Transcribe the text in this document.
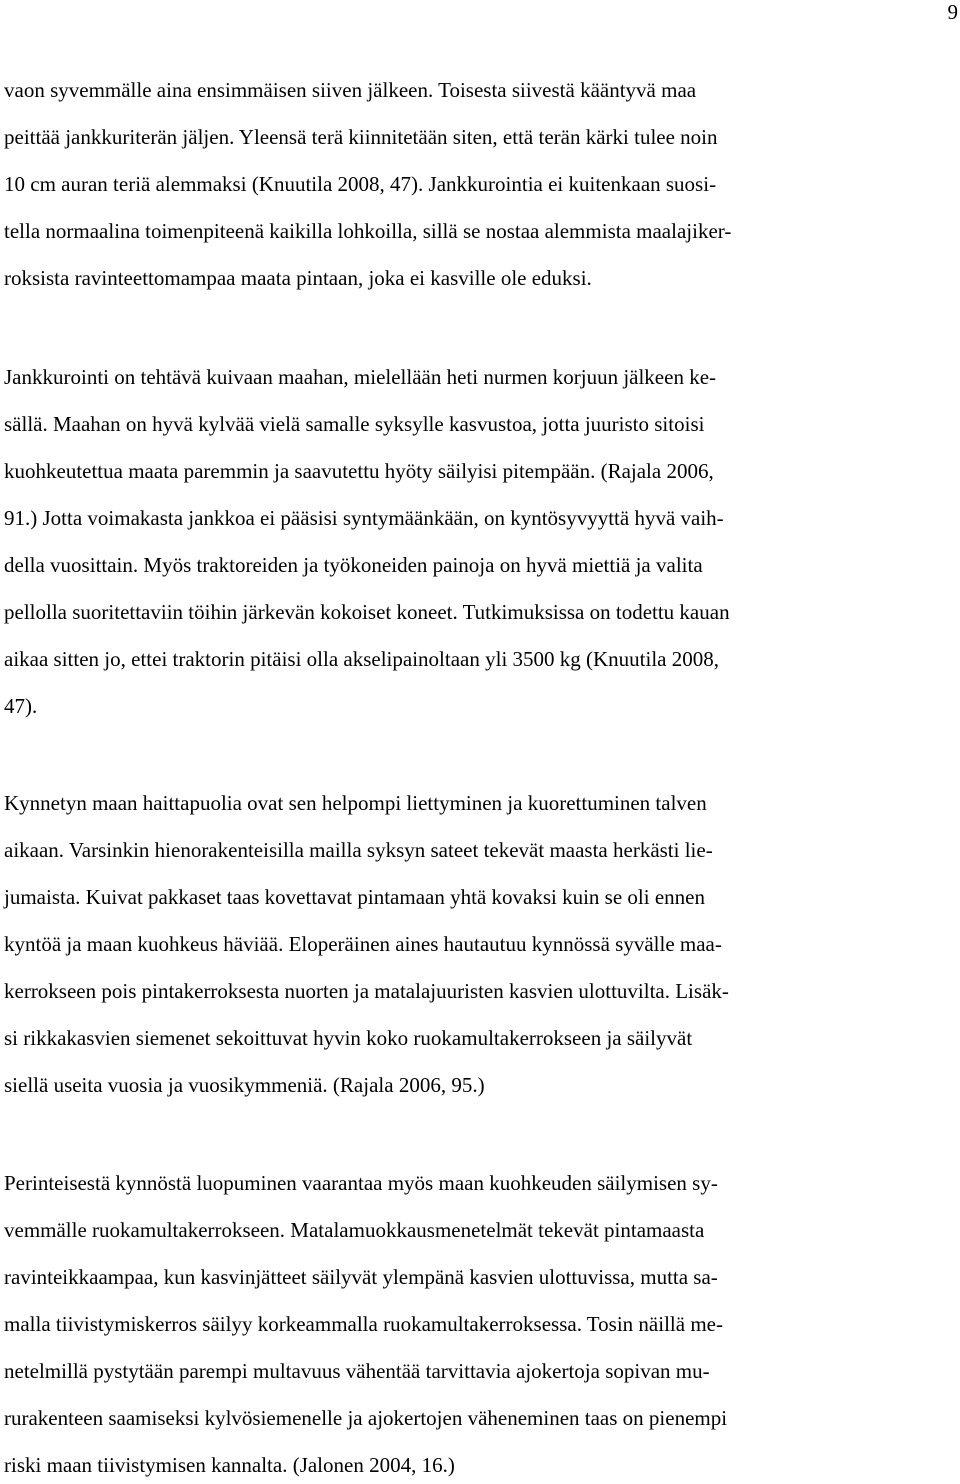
9
vaon syvemmälle aina ensimmäisen siiven jälkeen. Toisesta siivestä kääntyvä maa
peittää jankkuriterän jäljen. Yleensä terä kiinnitetään siten, että terän kärki tulee noin
10 cm auran teriä alemmaksi (Knuutila 2008, 47). Jankkurointia ei kuitenkaan suosi-
tella normaalina toimenpiteenä kaikilla lohkoilla, sillä se nostaa alemmista maalajiker-
roksista ravinteettomampaa maata pintaan, joka ei kasville ole eduksi.
Jankkurointi on tehtävä kuivaan maahan, mielellään heti nurmen korjuun jälkeen ke-
sällä. Maahan on hyvä kylvää vielä samalle syksylle kasvustoa, jotta juuristo sitoisi
kuohkeutettua maata paremmin ja saavutettu hyöty säilyisi pitempään. (Rajala 2006,
91.) Jotta voimakasta jankkoa ei pääsisi syntymäänkään, on kyntösyvyyttä hyvä vaih-
della vuosittain. Myös traktoreiden ja työkoneiden painoja on hyvä miettiä ja valita
pellolla suoritettaviin töihin järkevän kokoiset koneet. Tutkimuksissa on todettu kauan
aikaa sitten jo, ettei traktorin pitäisi olla akselipainoltaan yli 3500 kg (Knuutila 2008,
47).
Kynnetyn maan haittapuolia ovat sen helpompi liettyminen ja kuorettuminen talven
aikaan. Varsinkin hienorakenteisilla mailla syksyn sateet tekevät maasta herkästi lie-
jumaista. Kuivat pakkaset taas kovettavat pintamaan yhtä kovaksi kuin se oli ennen
kyntöä ja maan kuohkeus häviää. Eloperäinen aines hautautuu kynnössä syvälle maa-
kerrokseen pois pintakerroksesta nuorten ja matalajuuristen kasvien ulottuvilta. Lisäk-
si rikkakasvien siemenet sekoittuvat hyvin koko ruokamultakerrokseen ja säilyvät
siellä useita vuosia ja vuosikymmeniä. (Rajala 2006, 95.)
Perinteisestä kynnöstä luopuminen vaarantaa myös maan kuohkeuden säilymisen sy-
vemmälle ruokamultakerrokseen. Matalamuokkausmenetelmät tekevät pintamaasta
ravinteikkaampaa, kun kasvinjätteet säilyvät ylempänä kasvien ulottuvissa, mutta sa-
malla tiivistymiskerros säilyy korkeammalla ruokamultakerroksessa. Tosin näillä me-
netelmillä pystytään parempi multavuus vähentää tarvittavia ajokertoja sopivan mu-
rurakenteen saamiseksi kylvösiemenelle ja ajokertojen väheneminen taas on pienempi
riski maan tiivistymisen kannalta. (Jalonen 2004, 16.)
